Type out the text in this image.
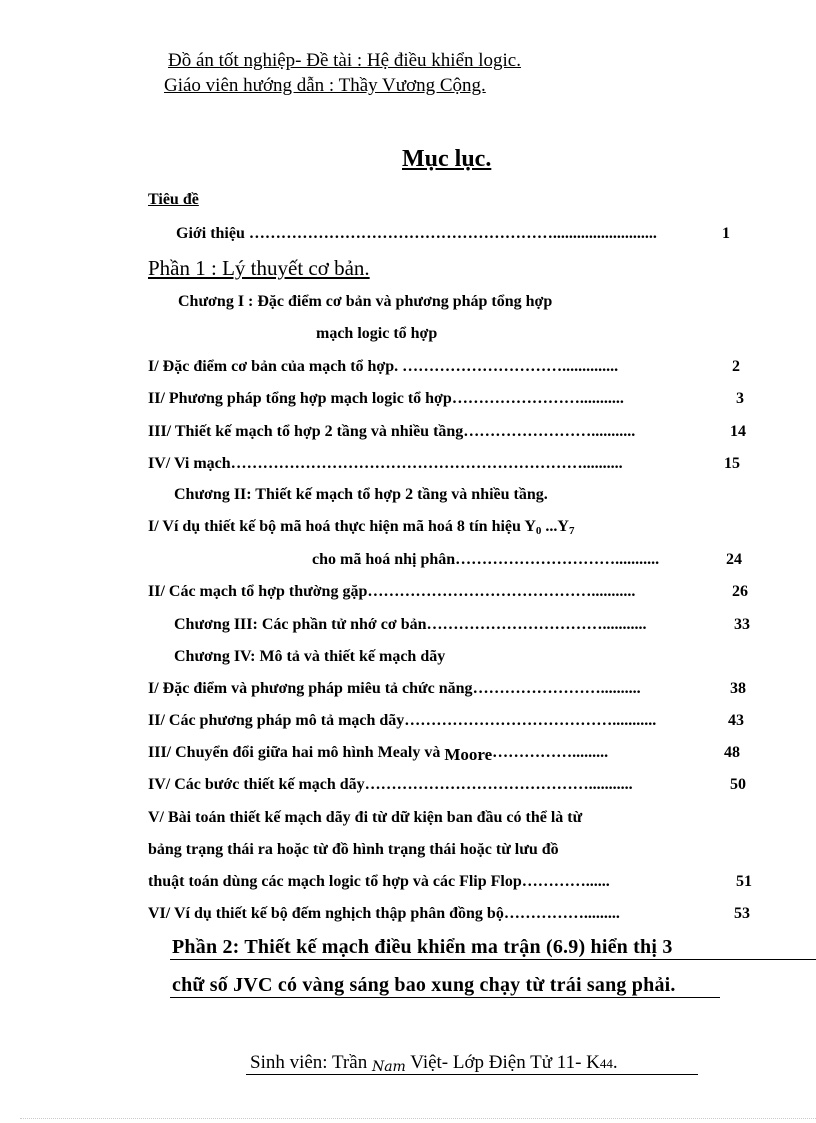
Đồ án tốt nghiệp- Đề tài : Hệ điều khiển logic.
Giáo viên hướng dẫn : Thầy Vương Cộng.
Mục lục.
Tiêu đề
Giới thiệu …………………………………………………..........................	1
Phần 1 : Lý thuyết cơ bản.
Chương I : Đặc điểm cơ bản và phương pháp tổng hợp
mạch logic tổ hợp
I/ Đặc điểm cơ bản của mạch tổ hợp. …………………………..............	2
II/ Phương pháp tổng hợp mạch logic tổ hợp……………………...........	3
III/ Thiết kế mạch tổ hợp 2 tầng và nhiều tầng……………………...........	14
IV/ Vi mạch…………………………………………………………..........	15
Chương II: Thiết kế mạch tổ hợp 2 tầng và nhiều tầng.
I/ Ví dụ thiết kế bộ mã hoá thực hiện mã hoá 8 tín hiệu $Y_0$ $...Y_7$
cho mã hoá nhị phân…………………………...........	24
II/ Các mạch tổ hợp thường gặp……………………………………...........	26
Chương III: Các phần tử nhớ cơ bản……………………………...........	33
Chương IV: Mô tả và thiết kế mạch dãy
I/ Đặc điểm và phương pháp miêu tả chức năng……………………..........	38
II/ Các phương pháp mô tả mạch dãy…………………………………...........	43
III/ Chuyển đổi giữa hai mô hình Mealy và Moore…………….........	48
IV/ Các bước thiết kế mạch dãy……………………………………...........	50
V/ Bài toán thiết kế mạch dãy đi từ dữ kiện ban đầu có thể là từ
bảng trạng thái ra hoặc từ đồ hình trạng thái hoặc từ lưu đồ
thuật toán dùng các mạch logic tổ hợp và các Flip Flop…………......	51
VI/ Ví dụ thiết kế bộ đếm nghịch thập phân đồng bộ…………….........	53
Phần 2: Thiết kế mạch điều khiển ma trận (6.9) hiển thị 3
chữ số JVC có vàng sáng bao xung chạy từ trái sang phải.
Sinh viên: Trần Nam Việt- Lớp Điện Tử 11- K44.
